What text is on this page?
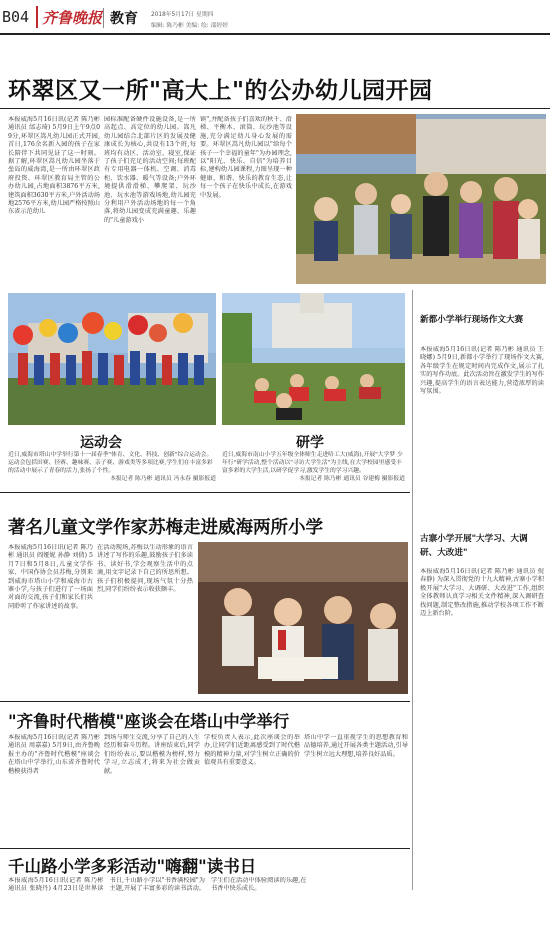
B04 齐鲁晚报 教育 2018年5月17日 星期四
编辑: 陈乃彬 美编: 绘: 邵婷婷
环翠区又一所"高大上"的公办幼儿园开园
本报威海5月16日讯(记者 陈乃彬 通讯员 邰志琦) 5月9日上午9点09分,环翠区嵩凡幼儿园正式开园,首日,176余名新入园的孩子在家长陪伴下共同见证了这一时刻。据了解,环翠区嵩凡幼儿园坐落于垒岛的威海湾,是一所由环翠区政府投资、环翠区教育局主管的公办幼儿园,占地面积3876平方米,建筑面积3630平方米,户外活动场地2576平方米,幼儿园严格按照山东省示范幼儿
园标准配备硬件设施设备,是一所高起点、高定位的幼儿园。嵩凡幼儿园结合北部片区的发展及健康成长为核心,共设有13个班,每班均有动区、活动室、寝室,保证了孩子们充足的活动空间;每班配有专用电器一体机、空调、消毒柜、饮水器、暖气等设备;户外环境提供滑滑梯、攀爬架、玩沙池、玩水池等游戏场地,幼儿园充分利用户外活动场地的每一个角落,将幼儿园变成充满童趣、乐趣的"儿童游戏小
镇",并配备孩子们喜欢的秋千、滑梯、平衡木、滚筒、玩沙池等设施,充分满足幼儿身心发展的需要。环翠区嵩凡幼儿园以"给每个孩子一个幸福的童年"为办园理念,以"阳光、快乐、自信"为培养目标,建构幼儿园课程,力图呈现一种健康、和谐、快乐的教育生态,让每一个孩子在快乐中成长,在游戏中发展。
运动会
近日,威海市塔山中学举行第十一届春季"体育、文化、科技、创新"综合运动会。运动会包括田赛、径赛、趣味赛、亲子赛、游戏类等多项比赛,学生们在丰富多彩的活动中展示了青春的活力,张扬了个性。
本报记者 陈乃彬 通讯员 冯永春 摄影报道
研学
近日,威海市南山小学五年级全体师生走进哈工大(威海),开展"大学梦 少年行"研学活动,整个活动以"寻访大学生活"为主线,在大学校园里感受丰富多彩的大学生活,以研学促学习,激发学生的学习兴趣。
本报记者 陈乃彬 通讯员 谷建梅 摄影报道
新都小学举行现场作文大赛
本报威海5月16日讯(记者 陈乃彬 通讯员 王晓娜) 5月9日,新都小学举行了现场作文大赛,各年级学生在规定时间内完成作文,展示了扎实的写作功底。此次活动旨在激发学生的写作兴趣,提高学生的语言表达能力,营造浓厚的读写氛围。
古寨小学开展"大学习、大调研、大改进"
本报威海5月16日讯(记者 陈乃彬 通讯员 倪春静) 为深入贯彻党的十九大精神,古寨小学积极开展"大学习、大调研、大改进"工作,组织全体教师认真学习相关文件精神,深入调研查找问题,制定整改措施,推动学校各项工作不断迈上新台阶。
著名儿童文学作家苏梅走进威海两所小学
本报威海5月16日讯(记者 陈乃彬 通讯员 阎娅妮 孙静 刘倩) 5月7日和5月8日,儿童文学作家、中国作协会员苏梅,分别来到威海市塔山小学和威海市古寨小学,与孩子们进行了一场面对面的交流,孩子们和家长们共同聆听了作家讲述的故事。
在活动现场,苏梅以生动形象的语言讲述了写作的乐趣,鼓励孩子们多读书、读好书,学会观察生活中的点滴,用文字记录下自己的所思所想。孩子们积极提问,现场气氛十分热烈,同学们纷纷表示收获颇丰。
"齐鲁时代楷模"座谈会在塔山中学举行
本报威海5月16日讯(记者 陈乃彬 通讯员 周嘉嘉) 5月9日,由齐鲁晚报主办的"齐鲁时代楷模"座谈会在塔山中学举行,山东省齐鲁时代楷模获得者
到场与师生交流,分享了自己的人生经历和奋斗历程。讲座结束后,同学们纷纷表示,要以楷模为榜样,努力学习,立志成才,将来为社会做贡献。
学校负责人表示,此次座谈会的举办,让同学们近距离感受到了时代楷模的精神力量,对学生树立正确的价值观具有重要意义。
塔山中学一直重视学生的思想教育和品德培养,通过开展各类主题活动,引导学生树立远大理想,培养良好品质。
千山路小学多彩活动"嗨翻"读书日
本报威海5月16日讯(记者 陈乃彬 通讯员 张晓丹) 4月23日是世界读书日,千山路小学以"书香满校园"为主题,开展了丰富多彩的读书活动。学生们在活动中体验阅读的乐趣,在书香中快乐成长。
